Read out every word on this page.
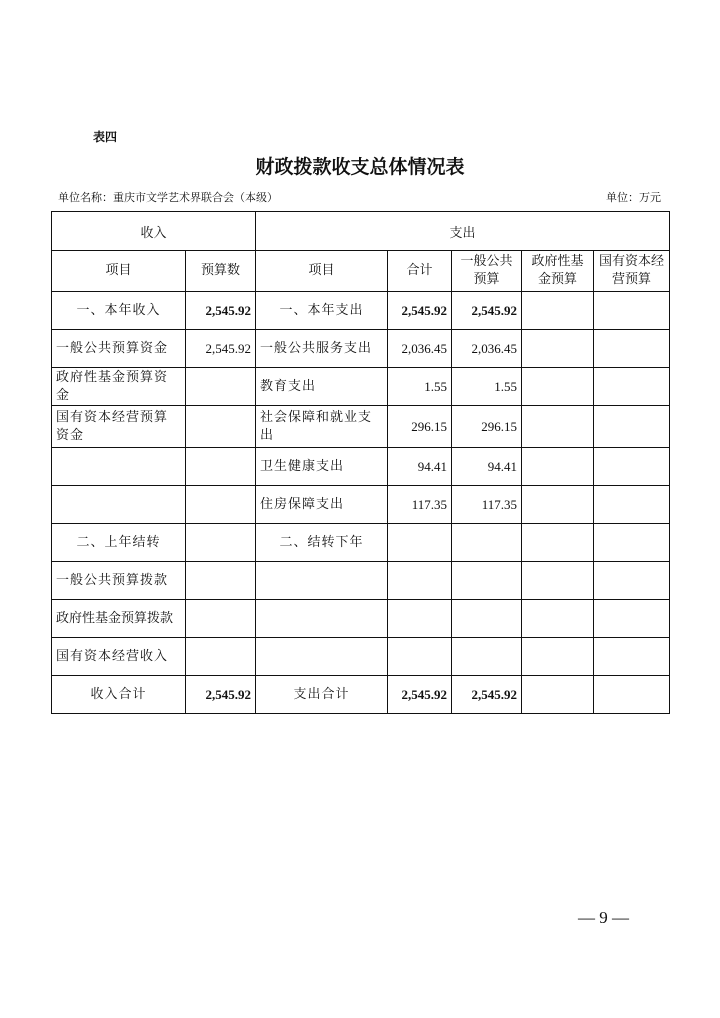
表四
财政拨款收支总体情况表
单位名称：重庆市文学艺术界联合会（本级）	单位：万元
收入		支出				
项目	预算数	项目	合计	一般公共预算	政府性基金预算	国有资本经营预算
一、本年收入	2,545.92	一、本年支出	2,545.92	2,545.92		
一般公共预算资金	2,545.92	一般公共服务支出	2,036.45	2,036.45		
政府性基金预算资金		教育支出	1.55	1.55		
国有资本经营预算资金		社会保障和就业支出	296.15	296.15		
		卫生健康支出	94.41	94.41		
		住房保障支出	117.35	117.35		
二、上年结转		二、结转下年				
一般公共预算拨款						
政府性基金预算拨款						
国有资本经营收入						
收入合计	2,545.92	支出合计	2,545.92	2,545.92		
— 9 —
